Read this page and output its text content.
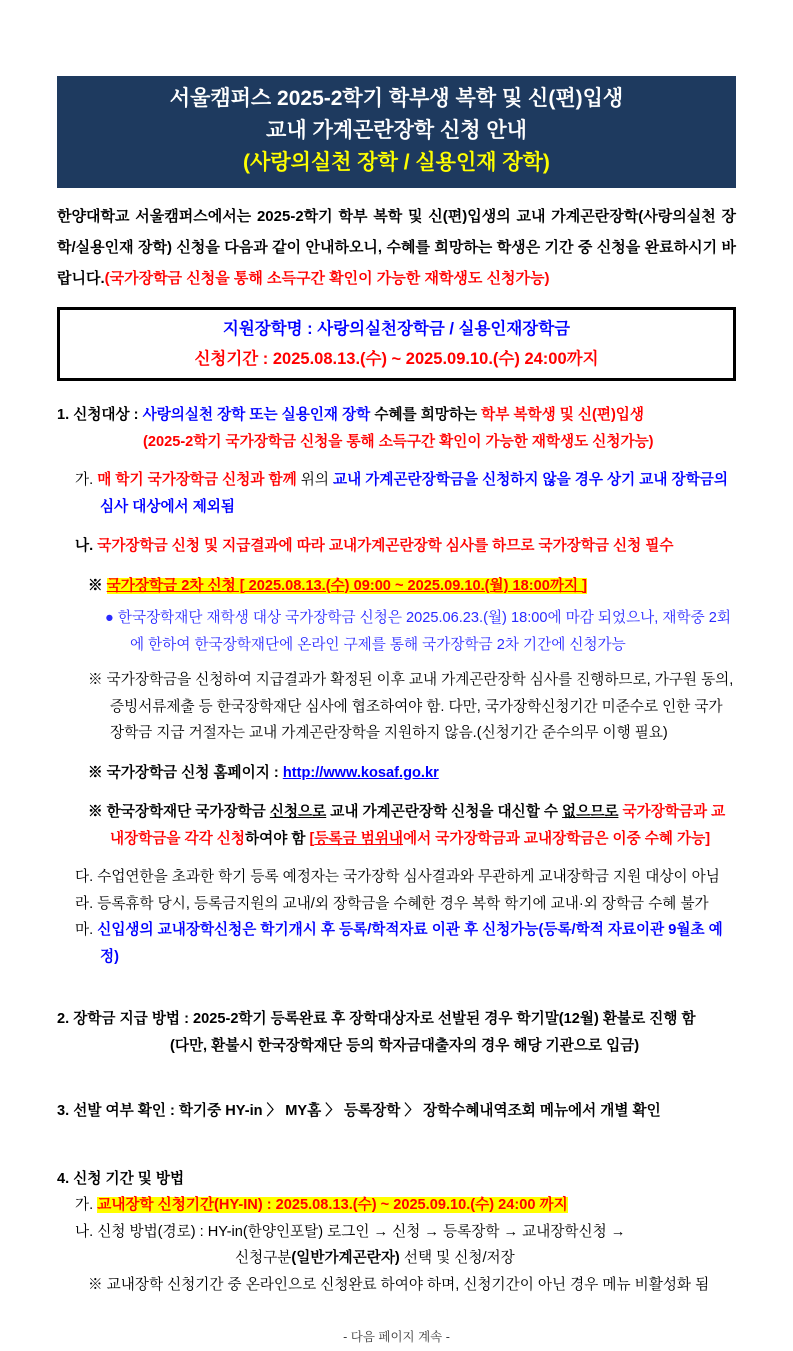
서울캠퍼스 2025-2학기 학부생 복학 및 신(편)입생
교내 가계곤란장학 신청 안내
(사랑의실천 장학 / 실용인재 장학)
한양대학교 서울캠퍼스에서는 2025-2학기 학부 복학 및 신(편)입생의 교내 가계곤란장학(사랑의실천 장학/실용인재 장학) 신청을 다음과 같이 안내하오니, 수혜를 희망하는 학생은 기간 중 신청을 완료하시기 바랍니다.(국가장학금 신청을 통해 소득구간 확인이 가능한 재학생도 신청가능)
지원장학명 : 사랑의실천장학금 / 실용인재장학금
신청기간 : 2025.08.13.(수) ~ 2025.09.10.(수) 24:00까지
1. 신청대상 : 사랑의실천 장학 또는 실용인재 장학 수혜를 희망하는 학부 복학생 및 신(편)입생
(2025-2학기 국가장학금 신청을 통해 소득구간 확인이 가능한 재학생도 신청가능)
가. 매 학기 국가장학금 신청과 함께 위의 교내 가계곤란장학금을 신청하지 않을 경우 상기 교내 장학금의 심사 대상에서 제외됨
나. 국가장학금 신청 및 지급결과에 따라 교내가계곤란장학 심사를 하므로 국가장학금 신청 필수
※ 국가장학금 2차 신청 [ 2025.08.13.(수) 09:00 ~ 2025.09.10.(월) 18:00까지 ]
● 한국장학재단 재학생 대상 국가장학금 신청은 2025.06.23.(월) 18:00에 마감 되었으나, 재학중 2회에 한하여 한국장학재단에 온라인 구제를 통해 국가장학금 2차 기간에 신청가능
※ 국가장학금을 신청하여 지급결과가 확정된 이후 교내 가계곤란장학 심사를 진행하므로, 가구원 동의, 증빙서류제출 등 한국장학재단 심사에 협조하여야 함. 다만, 국가장학신청기간 미준수로 인한 국가장학금 지급 거절자는 교내 가계곤란장학을 지원하지 않음.(신청기간 준수의무 이행 필요)
※ 국가장학금 신청 홈페이지 : http://www.kosaf.go.kr
※ 한국장학재단 국가장학금 신청으로 교내 가계곤란장학 신청을 대신할 수 없으므로 국가장학금과 교내장학금을 각각 신청하여야 함 [등록금 범위내에서 국가장학금과 교내장학금은 이중 수혜 가능]
다. 수업연한을 초과한 학기 등록 예정자는 국가장학 심사결과와 무관하게 교내장학금 지원 대상이 아님
라. 등록휴학 당시, 등록금지원의 교내/외 장학금을 수혜한 경우 복학 학기에 교내·외 장학금 수혜 불가
마. 신입생의 교내장학신청은 학기개시 후 등록/학적자료 이관 후 신청가능(등록/학적 자료이관 9월초 예정)
2. 장학금 지급 방법 : 2025-2학기 등록완료 후 장학대상자로 선발된 경우 학기말(12월) 환불로 진행 함
(다만, 환불시 한국장학재단 등의 학자금대출자의 경우 해당 기관으로 입금)
3. 선발 여부 확인 : 학기중 HY-in 〉 MY홈 〉 등록장학 〉 장학수혜내역조회 메뉴에서 개별 확인
4. 신청 기간 및 방법
가. 교내장학 신청기간(HY-IN) : 2025.08.13.(수) ~ 2025.09.10.(수) 24:00 까지
나. 신청 방법(경로) : HY-in(한양인포탈) 로그인 → 신청 → 등록장학 → 교내장학신청 →
신청구분(일반가계곤란자) 선택 및 신청/저장
※ 교내장학 신청기간 중 온라인으로 신청완료 하여야 하며, 신청기간이 아닌 경우 메뉴 비활성화 됨
- 다음 페이지 계속 -
